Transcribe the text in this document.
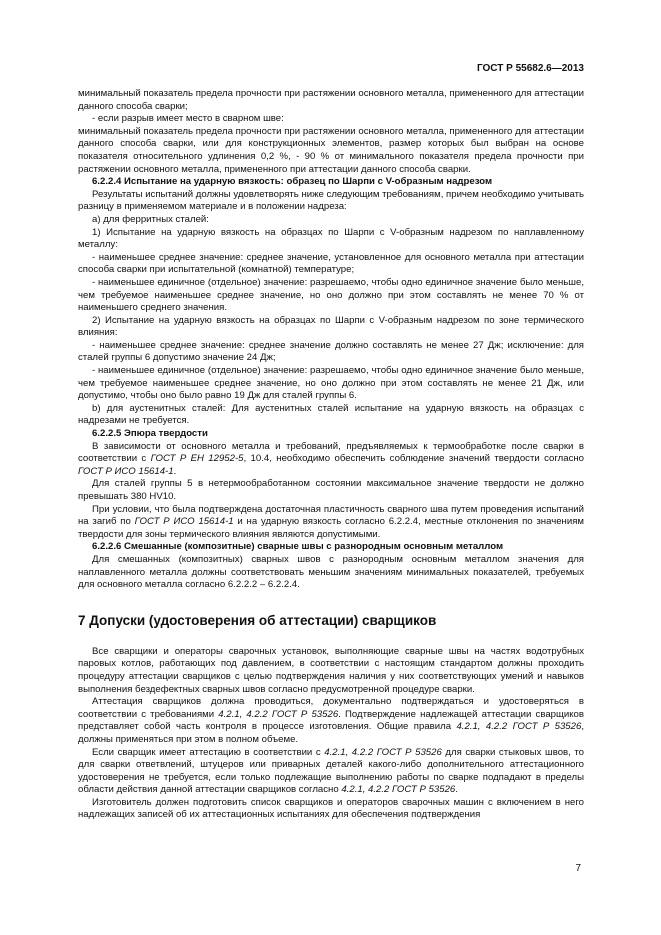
ГОСТ Р 55682.6—2013

минимальный показатель предела прочности при растяжении основного металла, примененного для аттестации данного способа сварки;

- если разрыв имеет место в сварном шве:

минимальный показатель предела прочности при растяжении основного металла, примененного для аттестации данного способа сварки, или для конструкционных элементов, размер которых был выбран на основе показателя относительного удлинения 0,2 %, - 90 % от минимального показателя предела прочности при растяжении основного металла, примененного при аттестации данного способа сварки.

6.2.2.4 Испытание на ударную вязкость: образец по Шарпи с V-образным надрезом

Результаты испытаний должны удовлетворять ниже следующим требованиям, причем необходимо учитывать разницу в применяемом материале и в положении надреза:

a) для ферритных сталей:

1) Испытание на ударную вязкость на образцах по Шарпи с V-образным надрезом по наплавленному металлу:

- наименьшее среднее значение: среднее значение, установленное для основного металла при аттестации способа сварки при испытательной (комнатной) температуре;

- наименьшее единичное (отдельное) значение: разрешаемо, чтобы одно единичное значение было меньше, чем требуемое наименьшее среднее значение, но оно должно при этом составлять не менее 70 % от наименьшего среднего значения.

2) Испытание на ударную вязкость на образцах по Шарпи с V-образным надрезом по зоне термического влияния:

- наименьшее среднее значение: среднее значение должно составлять не менее 27 Дж; исключение: для сталей группы 6 допустимо значение 24 Дж;

- наименьшее единичное (отдельное) значение: разрешаемо, чтобы одно единичное значение было меньше, чем требуемое наименьшее среднее значение, но оно должно при этом составлять не менее 21 Дж, или допустимо, чтобы оно было равно 19 Дж для сталей группы 6.

b) для аустенитных сталей: Для аустенитных сталей испытание на ударную вязкость на образцах с надрезами не требуется.

6.2.2.5 Эпюра твердости

В зависимости от основного металла и требований, предъявляемых к термообработке после сварки в соответствии с ГОСТ Р ЕН 12952-5, 10.4, необходимо обеспечить соблюдение значений твердости согласно ГОСТ Р ИСО 15614-1.

Для сталей группы 5 в нетермообработанном состоянии максимальное значение твердости не должно превышать 380 HV10.

При условии, что была подтверждена достаточная пластичность сварного шва путем проведения испытаний на загиб по ГОСТ Р ИСО 15614-1 и на ударную вязкость согласно 6.2.2.4, местные отклонения по значениям твердости для зоны термического влияния являются допустимыми.

6.2.2.6 Смешанные (композитные) сварные швы с разнородным основным металлом

Для смешанных (композитных) сварных швов с разнородным основным металлом значения для наплавленного металла должны соответствовать меньшим значениям минимальных показателей, требуемых для основного металла согласно 6.2.2.2 – 6.2.2.4.

7 Допуски (удостоверения об аттестации) сварщиков

Все сварщики и операторы сварочных установок, выполняющие сварные швы на частях водотрубных паровых котлов, работающих под давлением, в соответствии с настоящим стандартом должны проходить процедуру аттестации сварщиков с целью подтверждения наличия у них соответствующих умений и навыков выполнения бездефектных сварных швов согласно предусмотренной процедуре сварки.

Аттестация сварщиков должна проводиться, документально подтверждаться и удостоверяться в соответствии с требованиями 4.2.1, 4.2.2 ГОСТ Р 53526. Подтверждение надлежащей аттестации сварщиков представляет собой часть контроля в процессе изготовления. Общие правила 4.2.1, 4.2.2 ГОСТ Р 53526, должны применяться при этом в полном объеме.

Если сварщик имеет аттестацию в соответствии с 4.2.1, 4.2.2 ГОСТ Р 53526 для сварки стыковых швов, то для сварки ответвлений, штуцеров или приварных деталей какого-либо дополнительного аттестационного удостоверения не требуется, если только подлежащие выполнению работы по сварке подпадают в пределы области действия данной аттестации сварщиков согласно 4.2.1, 4.2.2 ГОСТ Р 53526.

Изготовитель должен подготовить список сварщиков и операторов сварочных машин с включением в него надлежащих записей об их аттестационных испытаниях для обеспечения подтверждения

7
